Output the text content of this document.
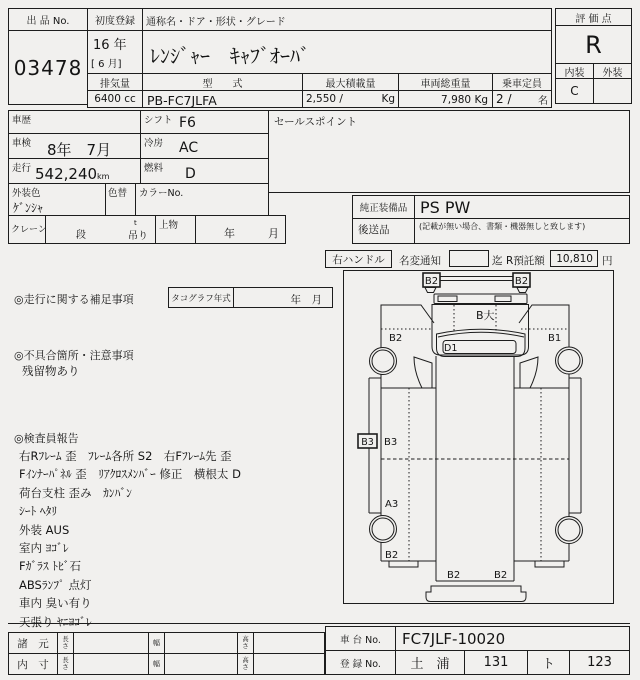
出 品 No.
03478
初度登録
16 年
[ 6 月]
通称名・ドア・形状・グレード
ﾚﾝｼﾞｬｰ　ｷｬﾌﾞｵｰﾊﾞ
排気量
6400 cc
型　　式
PB-FC7JLFA
最大積載量
2,550 /	Kg
車両総重量
7,980 Kg
乗車定員
2 /	名
評 価 点
R
内装 外装
C
車歴	シフト F6
車検 8年　7月	冷房 AC
走行 542,240km
燃料 D
外装色
ｹﾞﾝｼｬ
色替 カラーNo.
クレーン	段
t
吊り
上物
年　　　月
セールスポイント
純正装備品 PS PW
後送品	(記載が無い場合、書類・機器無しと致します)
右ハンドル 名変通知	迄 R預託額 10,810 円
◎走行に関する補足事項	タコグラフ年式	年　月
◎不具合箇所・注意事項
残留物あり
◎検査員報告
右Rﾌﾚｰﾑ 歪　ﾌﾚｰﾑ各所 S2　右Fﾌﾚｰﾑ先 歪
Fｲﾝﾅｰﾊﾟﾈﾙ 歪　ﾘｱｸﾛｽﾒﾝﾊﾞｰ 修正　横根太 D
荷台支柱 歪み　ｶﾝﾊﾞﾝ
ｼｰﾄ ﾍﾀﾘ
外装 AUS
室内 ﾖｺﾞﾚ
Fｶﾞﾗｽ ﾄﾋﾞ石
ABSﾗﾝﾌﾟ 点灯
車内 臭い有り
天張り ﾔﾆﾖｺﾞﾚ
B2	B2
B大
B2	B1
D1
B3 B3
A3
B2
B2	B2
諸　元 長さ	幅	高さ
内　寸 長さ	幅	高さ
車 台 No. FC7JLF-10020
登 録 No.	土　浦	131	ト	123
